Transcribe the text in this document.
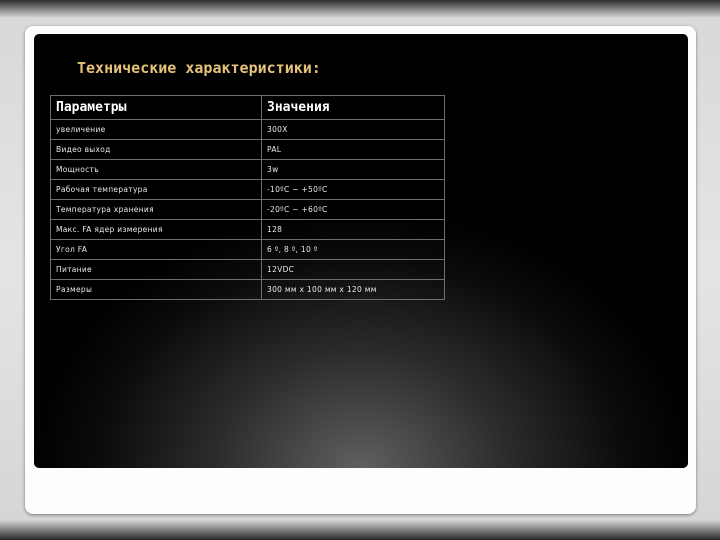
Технические характеристики:
Параметры	Значения
увеличение	300X
Видео выход	PAL
Мощность	3w
Рабочая температура	-10ºC ~ +50ºC
Температура хранения	-20ºC ~ +60ºC
Макс. FA ядер измерения	128
Угол FA	6 º, 8 º, 10 º
Питание	12VDC
Размеры	300 мм x 100 мм x 120 мм
